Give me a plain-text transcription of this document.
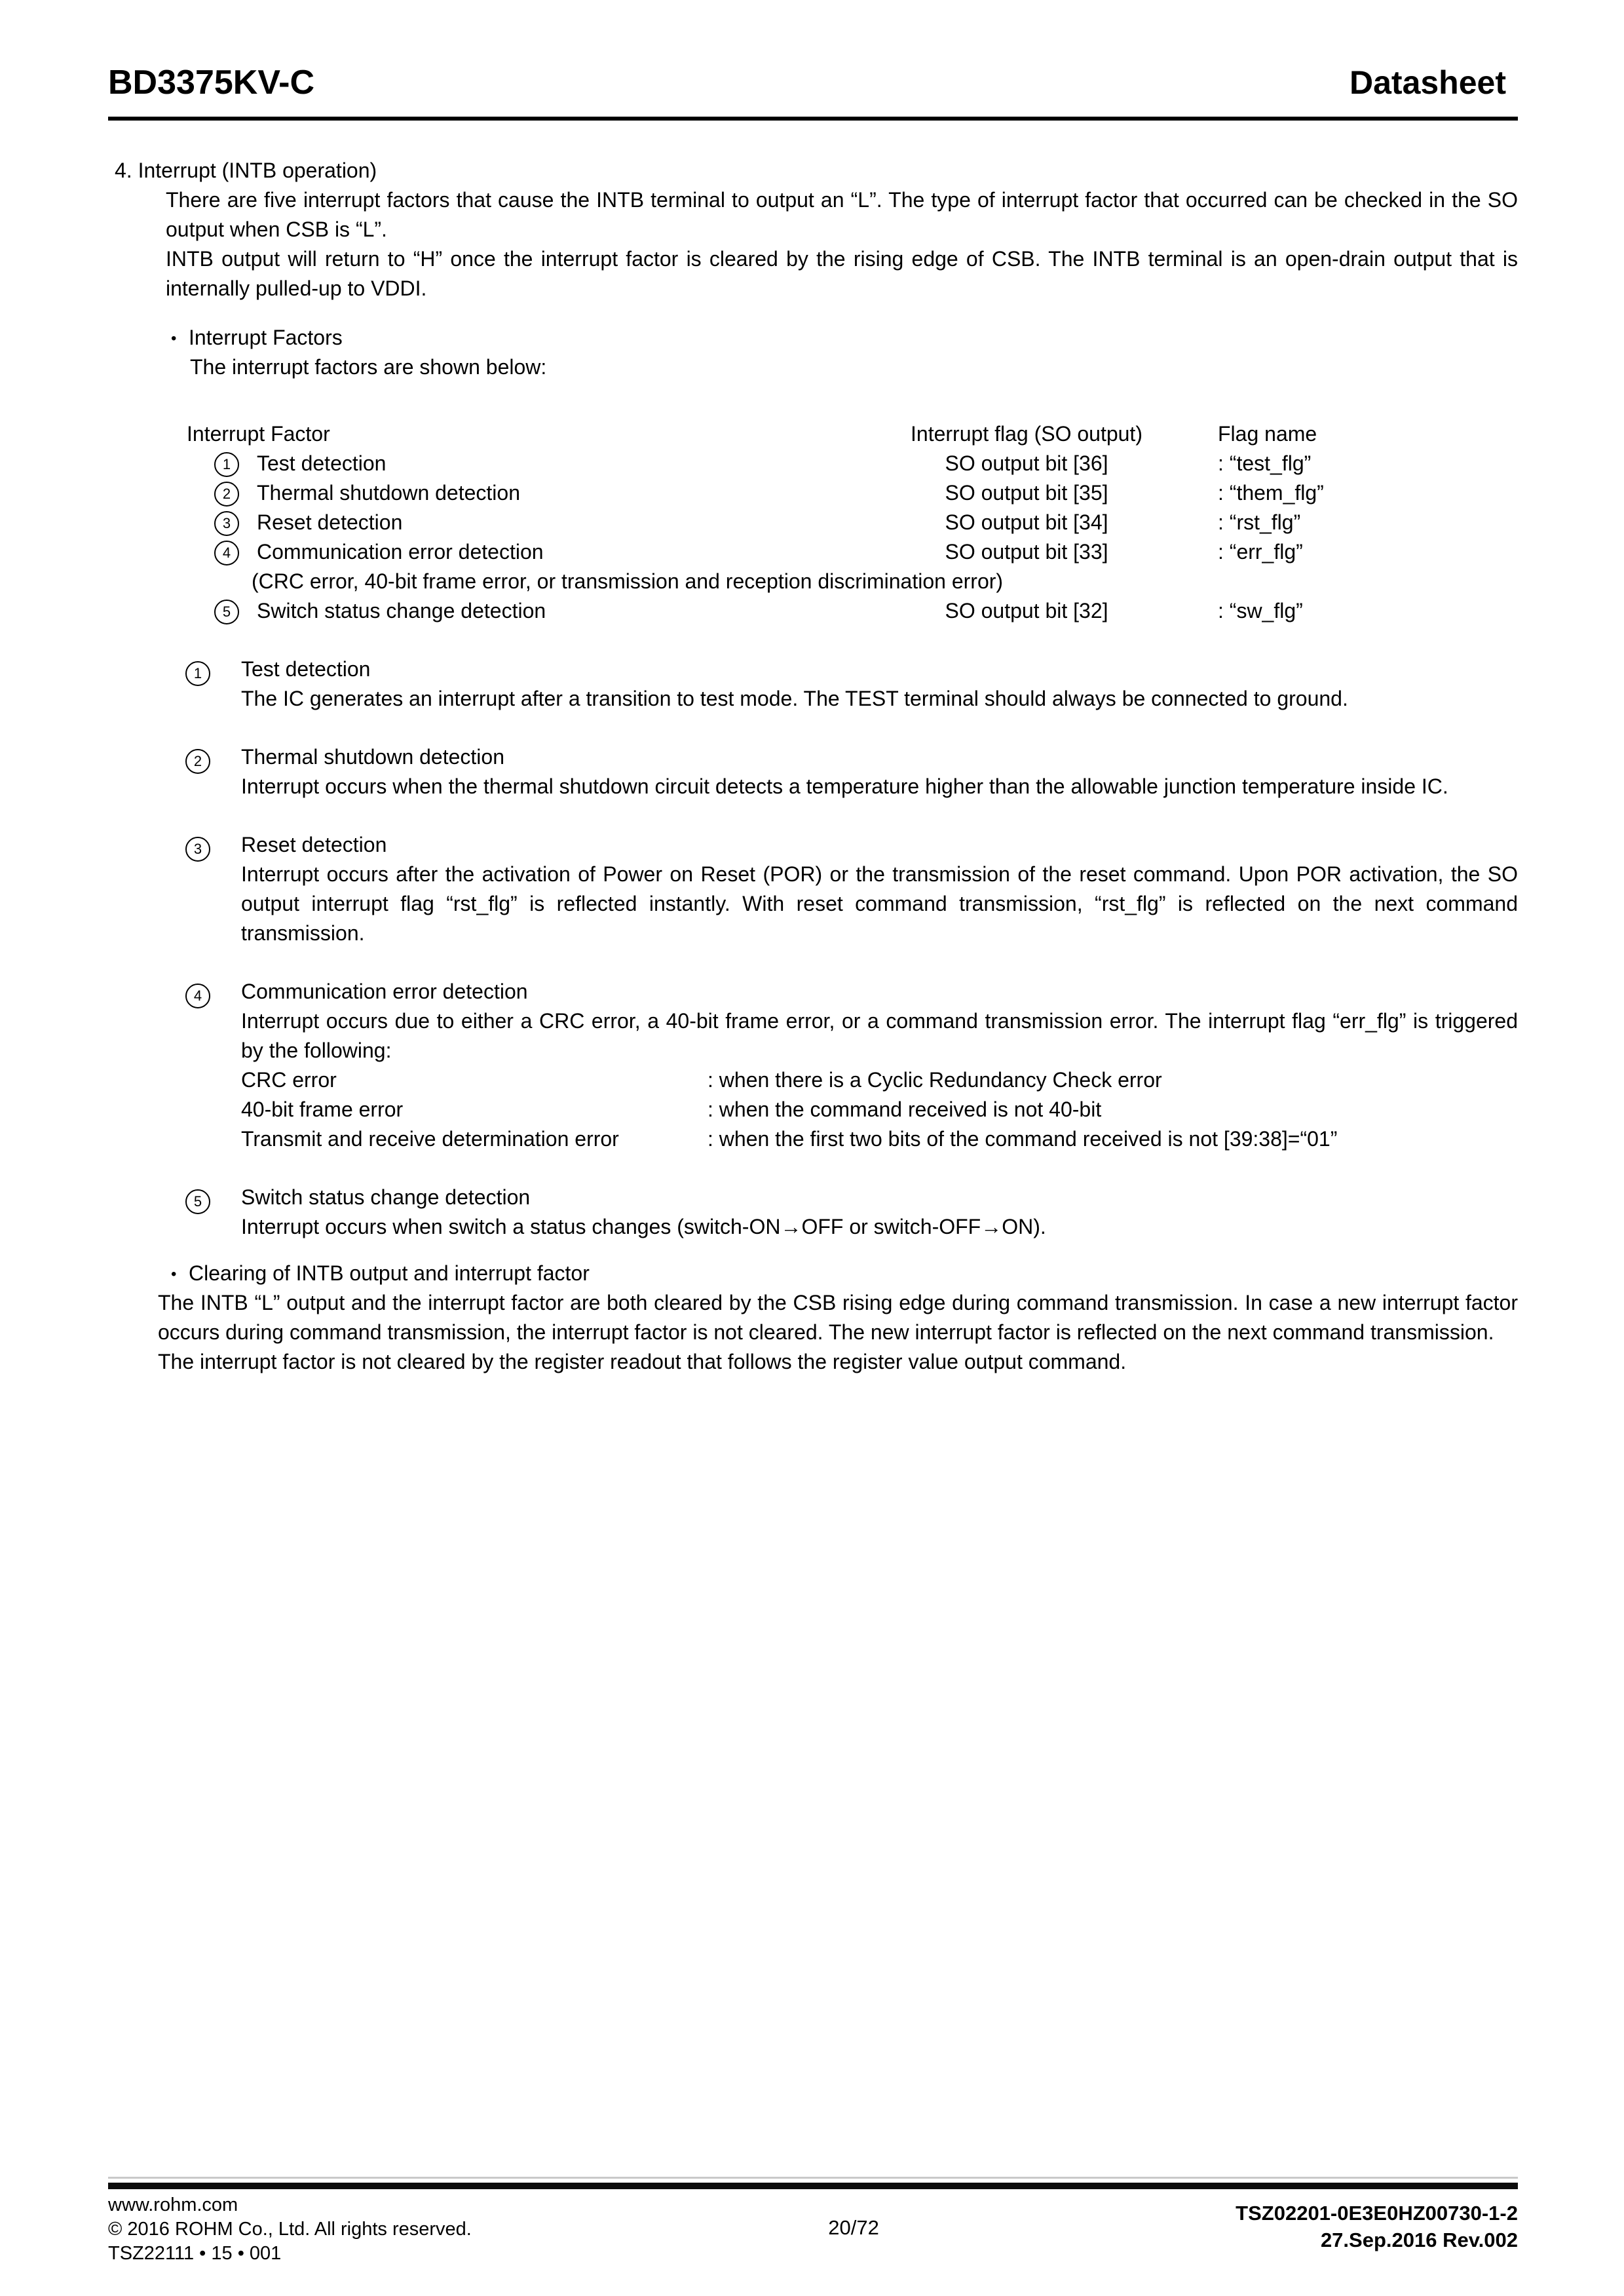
BD3375KV-C	Datasheet
4. Interrupt (INTB operation)

There are five interrupt factors that cause the INTB terminal to output an “L”. The type of interrupt factor that occurred can be checked in the SO output when CSB is “L”.

INTB output will return to “H” once the interrupt factor is cleared by the rising edge of CSB. The INTB terminal is an open-drain output that is internally pulled-up to VDDI.

• Interrupt Factors

The interrupt factors are shown below:

Interrupt Factor	Interrupt flag (SO output)	Flag name
1	Test detection	SO output bit [36]	: “test_flg”
2	Thermal shutdown detection	SO output bit [35]	: “them_flg”
3	Reset detection	SO output bit [34]	: “rst_flg”
4	Communication error detection	SO output bit [33]	: “err_flg”
(CRC error, 40-bit frame error, or transmission and reception discrimination error)
5	Switch status change detection	SO output bit [32]	: “sw_flg”
1	Test detection

The IC generates an interrupt after a transition to test mode. The TEST terminal should always be connected to ground.

2	Thermal shutdown detection

Interrupt occurs when the thermal shutdown circuit detects a temperature higher than the allowable junction temperature inside IC.

3	Reset detection

Interrupt occurs after the activation of Power on Reset (POR) or the transmission of the reset command. Upon POR activation, the SO output interrupt flag “rst_flg” is reflected instantly. With reset command transmission, “rst_flg” is reflected on the next command transmission.

4	Communication error detection

Interrupt occurs due to either a CRC error, a 40-bit frame error, or a command transmission error. The interrupt flag “err_flg” is triggered by the following:

CRC error	: when there is a Cyclic Redundancy Check error
40-bit frame error	: when the command received is not 40-bit
Transmit and receive determination error	: when the first two bits of the command received is not [39:38]=“01”
5	Switch status change detection

Interrupt occurs when switch a status changes (switch-ON→OFF or switch-OFF→ON).

• Clearing of INTB output and interrupt factor

The INTB “L” output and the interrupt factor are both cleared by the CSB rising edge during command transmission. In case a new interrupt factor occurs during command transmission, the interrupt factor is not cleared. The new interrupt factor is reflected on the next command transmission.

The interrupt factor is not cleared by the register readout that follows the register value output command.

www.rohm.com
© 2016 ROHM Co., Ltd. All rights reserved.
TSZ22111 • 15 • 001
20/72
TSZ02201-0E3E0HZ00730-1-2
27.Sep.2016 Rev.002
